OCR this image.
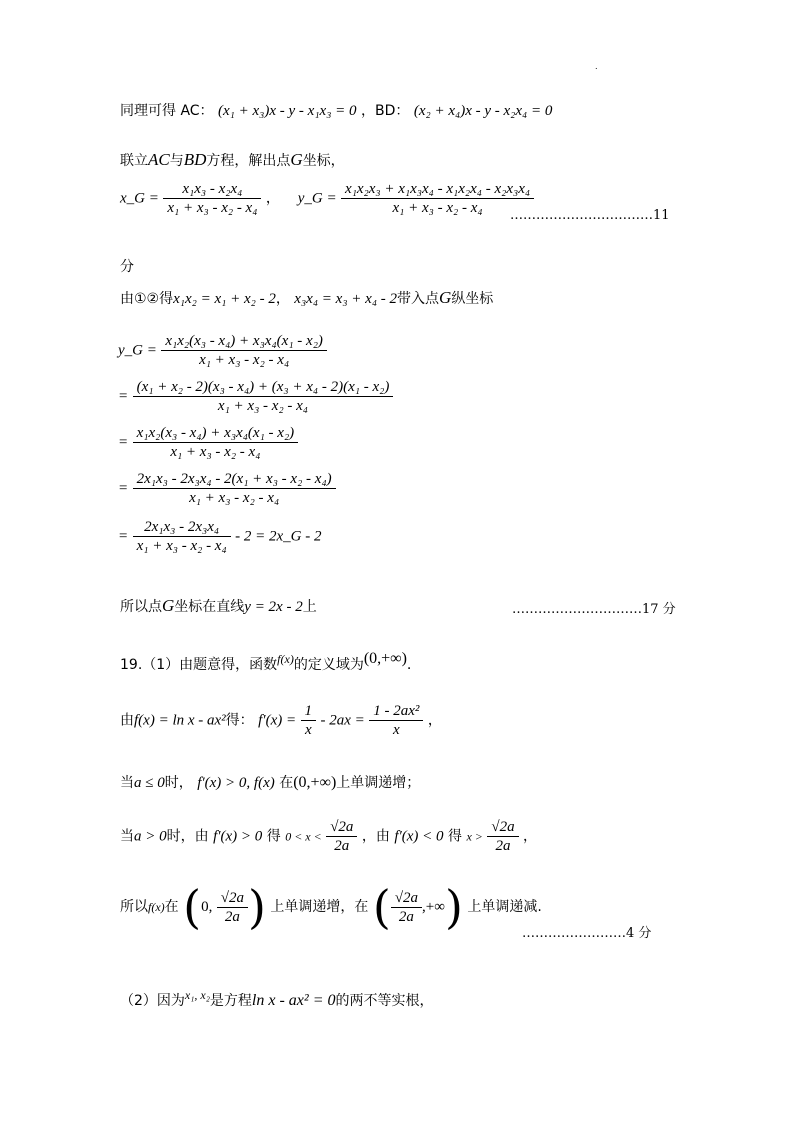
.
同理可得 AC： (x₁ + x₃)x - y - x₁x₃ = 0 ，BD： (x₂ + x₄)x - y - x₂x₄ = 0
联立AC与BD方程，解出点G坐标，
x_G = $\frac{\text{x₁x₃ - x₂x₄}}{\text{x₁ + x₃ - x₂ - x₄}}$ ， y_G = $\frac{\text{x₁x₂x₃ + x₁x₃x₄ - x₁x₂x₄ - x₂x₃x₄}}{\text{x₁ + x₃ - x₂ - x₄}}$
……………………………11
分
由①②得x₁x₂ = x₁ + x₂ - 2， x₃x₄ = x₃ + x₄ - 2带入点G纵坐标
y_G = $\frac{\text{x₁x₂(x₃ - x₄) + x₃x₄(x₁ - x₂)}}{\text{x₁ + x₃ - x₂ - x₄}}$
= $\frac{\text{(x₁ + x₂ - 2)(x₃ - x₄) + (x₃ + x₄ - 2)(x₁ - x₂)}}{\text{x₁ + x₃ - x₂ - x₄}}$
= $\frac{\text{x₁x₂(x₃ - x₄) + x₃x₄(x₁ - x₂)}}{\text{x₁ + x₃ - x₂ - x₄}}$
= $\frac{\text{2x₁x₃ - 2x₃x₄ - 2(x₁ + x₃ - x₂ - x₄)}}{\text{x₁ + x₃ - x₂ - x₄}}$
= $\frac{\text{2x₁x₃ - 2x₃x₄}}{\text{x₁ + x₃ - x₂ - x₄}} - 2$ = 2x_G - 2
所以点G坐标在直线y = 2x - 2上	…………………………17 分
19.（1）由题意得，函数f(x)的定义域为(0,+∞).
由f(x) = ln x - ax²得： $f'(x) = \frac{1}{x} - 2ax = \frac{\text{1 - 2ax²}}{x}$ ，
当a ≤ 0时， f′(x) > 0, f(x) 在(0,+∞)上单调递增；
当a > 0时，由 f′(x) > 0 得 $0 < x < \frac{√2a}{2a}$ ，由 f′(x) < 0 得 $x > \frac{√2a}{2a}$ ，
所以f(x)在 (0, $\frac{√2a}{2a}$ ) 上单调递增，在 ( $\frac{√2a}{2a}$ ,+∞) 上单调递减.
……………………4 分
（2）因为x₁, x₂是方程ln x - ax² = 0的两不等实根，
